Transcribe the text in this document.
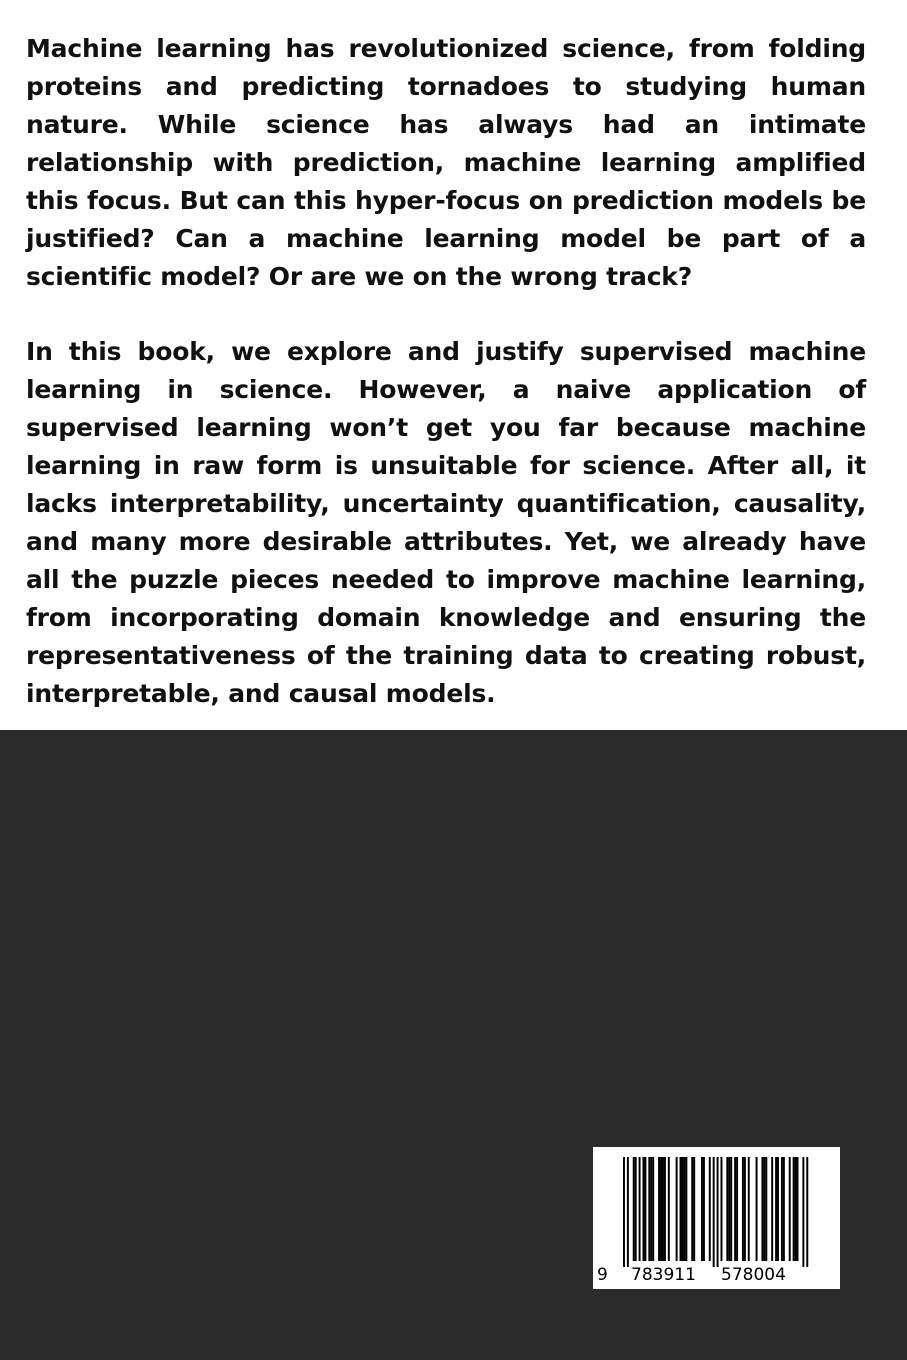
Machine learning has revolutionized science, from folding proteins and predicting tornadoes to studying human nature. While science has always had an intimate relationship with prediction, machine learning amplified this focus. But can this hyper-focus on prediction models be justified? Can a machine learning model be part of a scientific model? Or are we on the wrong track?

In this book, we explore and justify supervised machine learning in science. However, a naive application of supervised learning won’t get you far because machine learning in raw form is unsuitable for science. After all, it lacks interpretability, uncertainty quantification, causality, and many more desirable attributes. Yet, we already have all the puzzle pieces needed to improve machine learning, from incorporating domain knowledge and ensuring the representativeness of the training data to creating robust, interpretable, and causal models.

9 783911 578004
